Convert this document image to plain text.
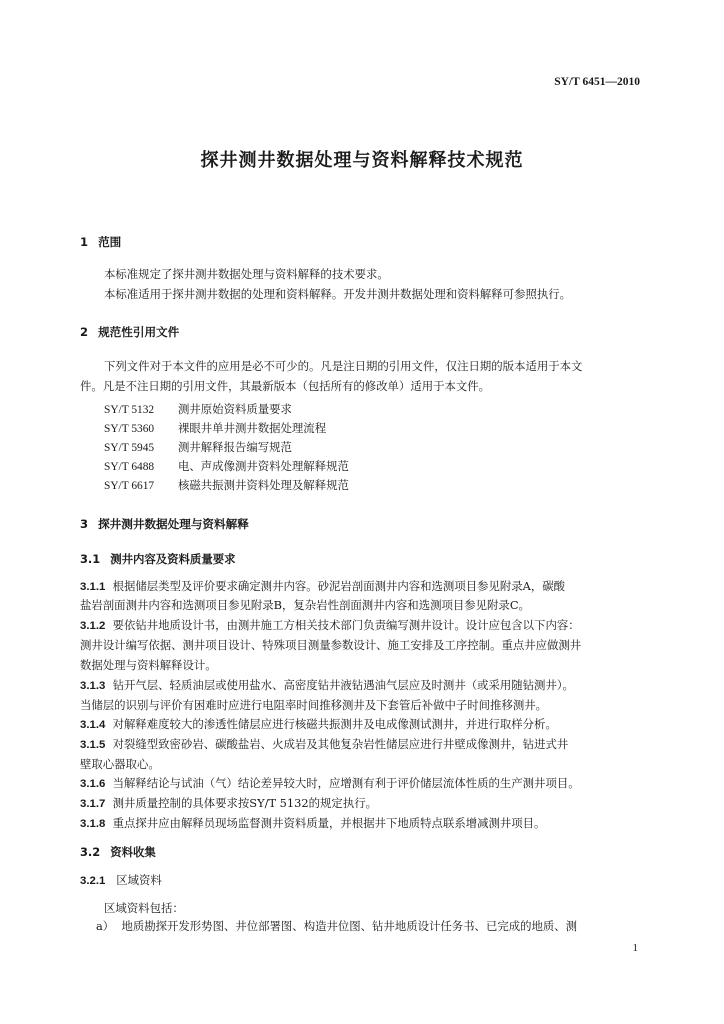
SY/T 6451—2010
探井测井数据处理与资料解释技术规范
1 范围
本标准规定了探井测井数据处理与资料解释的技术要求。
本标准适用于探井测井数据的处理和资料解释。开发井测井数据处理和资料解释可参照执行。
2 规范性引用文件
下列文件对于本文件的应用是必不可少的。凡是注日期的引用文件，仅注日期的版本适用于本文
件。凡是不注日期的引用文件，其最新版本（包括所有的修改单）适用于本文件。
SY/T 5132 测井原始资料质量要求
SY/T 5360 裸眼井单井测井数据处理流程
SY/T 5945 测井解释报告编写规范
SY/T 6488 电、声成像测井资料处理解释规范
SY/T 6617 核磁共振测井资料处理及解释规范
3 探井测井数据处理与资料解释
3.1 测井内容及资料质量要求
3.1.1 根据储层类型及评价要求确定测井内容。砂泥岩剖面测井内容和选测项目参见附录A，碳酸
盐岩剖面测井内容和选测项目参见附录B，复杂岩性剖面测井内容和选测项目参见附录C。
3.1.2 要依钻井地质设计书，由测井施工方相关技术部门负责编写测井设计。设计应包含以下内容：
测井设计编写依据、测井项目设计、特殊项目测量参数设计、施工安排及工序控制。重点井应做测井
数据处理与资料解释设计。
3.1.3 钻开气层、轻质油层或使用盐水、高密度钻井液钻遇油气层应及时测井（或采用随钻测井）。
当储层的识别与评价有困难时应进行电阻率时间推移测井及下套管后补做中子时间推移测井。
3.1.4 对解释难度较大的渗透性储层应进行核磁共振测井及电成像测试测井，并进行取样分析。
3.1.5 对裂缝型致密砂岩、碳酸盐岩、火成岩及其他复杂岩性储层应进行井壁成像测井，钻进式井
壁取心器取心。
3.1.6 当解释结论与试油（气）结论差异较大时，应增测有利于评价储层流体性质的生产测井项目。
3.1.7 测井质量控制的具体要求按SY/T 5132的规定执行。
3.1.8 重点探井应由解释员现场监督测井资料质量，并根据井下地质特点联系增减测井项目。
3.2 资料收集
3.2.1 区域资料
区域资料包括：
a） 地质勘探开发形势图、井位部署图、构造井位图、钻井地质设计任务书、已完成的地质、测
1
